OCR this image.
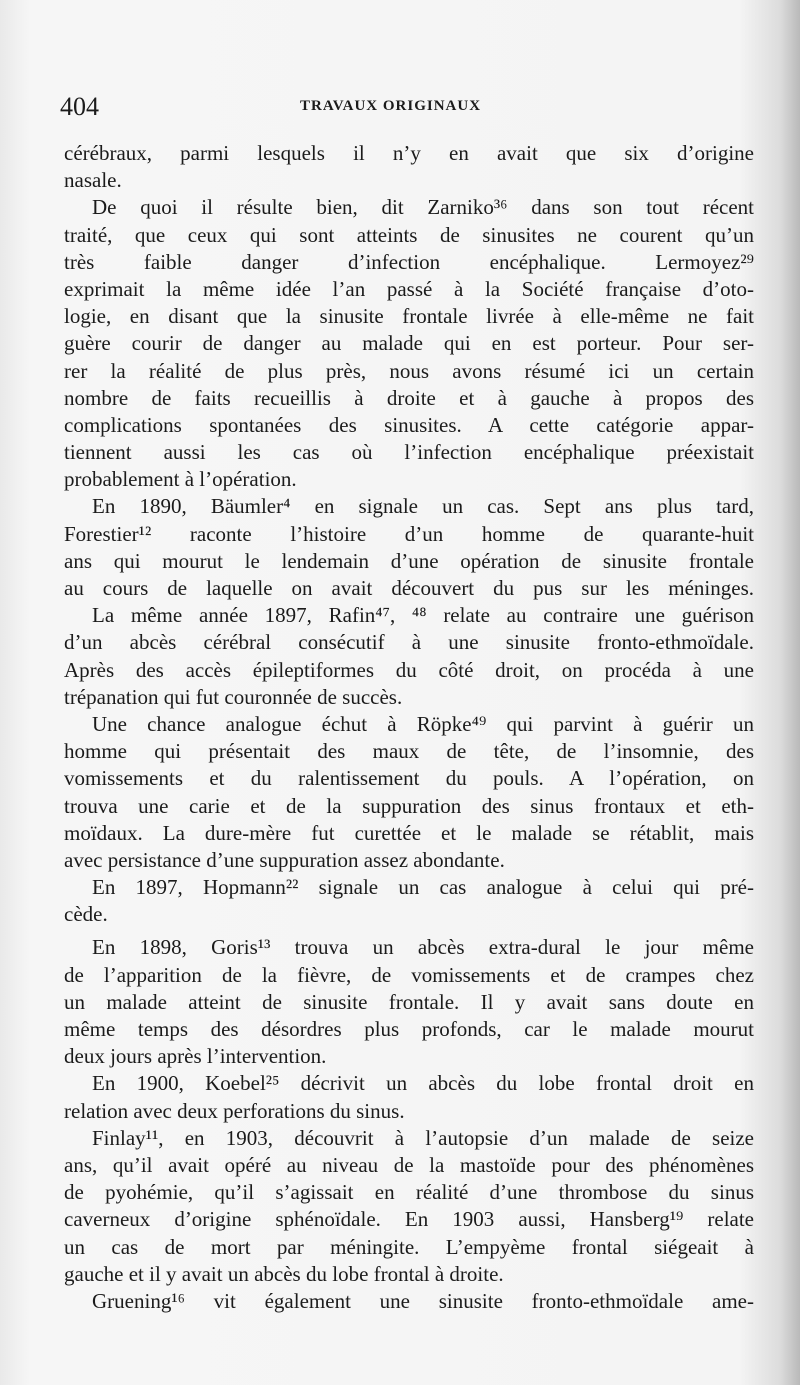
404	TRAVAUX ORIGINAUX
cérébraux, parmi lesquels il n’y en avait que six d’origine
nasale.
De quoi il résulte bien, dit Zarniko³⁶ dans son tout récent
traité, que ceux qui sont atteints de sinusites ne courent qu’un
très faible danger d’infection encéphalique. Lermoyez²⁹
exprimait la même idée l’an passé à la Société française d’oto-
logie, en disant que la sinusite frontale livrée à elle-même ne fait
guère courir de danger au malade qui en est porteur. Pour ser-
rer la réalité de plus près, nous avons résumé ici un certain
nombre de faits recueillis à droite et à gauche à propos des
complications spontanées des sinusites. A cette catégorie appar-
tiennent aussi les cas où l’infection encéphalique préexistait
probablement à l’opération.
En 1890, Bäumler⁴ en signale un cas. Sept ans plus tard,
Forestier¹² raconte l’histoire d’un homme de quarante-huit
ans qui mourut le lendemain d’une opération de sinusite frontale
au cours de laquelle on avait découvert du pus sur les méninges.
La même année 1897, Rafin⁴⁷, ⁴⁸ relate au contraire une guérison
d’un abcès cérébral consécutif à une sinusite fronto-ethmoïdale.
Après des accès épileptiformes du côté droit, on procéda à une
trépanation qui fut couronnée de succès.
Une chance analogue échut à Röpke⁴⁹ qui parvint à guérir un
homme qui présentait des maux de tête, de l’insomnie, des
vomissements et du ralentissement du pouls. A l’opération, on
trouva une carie et de la suppuration des sinus frontaux et eth-
moïdaux. La dure-mère fut curettée et le malade se rétablit, mais
avec persistance d’une suppuration assez abondante.
En 1897, Hopmann²² signale un cas analogue à celui qui pré-
cède.
En 1898, Goris¹³ trouva un abcès extra-dural le jour même
de l’apparition de la fièvre, de vomissements et de crampes chez
un malade atteint de sinusite frontale. Il y avait sans doute en
même temps des désordres plus profonds, car le malade mourut
deux jours après l’intervention.
En 1900, Koebel²⁵ décrivit un abcès du lobe frontal droit en
relation avec deux perforations du sinus.
Finlay¹¹, en 1903, découvrit à l’autopsie d’un malade de seize
ans, qu’il avait opéré au niveau de la mastoïde pour des phénomènes
de pyohémie, qu’il s’agissait en réalité d’une thrombose du sinus
caverneux d’origine sphénoïdale. En 1903 aussi, Hansberg¹⁹ relate
un cas de mort par méningite. L’empyème frontal siégeait à
gauche et il y avait un abcès du lobe frontal à droite.
Gruening¹⁶ vit également une sinusite fronto-ethmoïdale ame-
